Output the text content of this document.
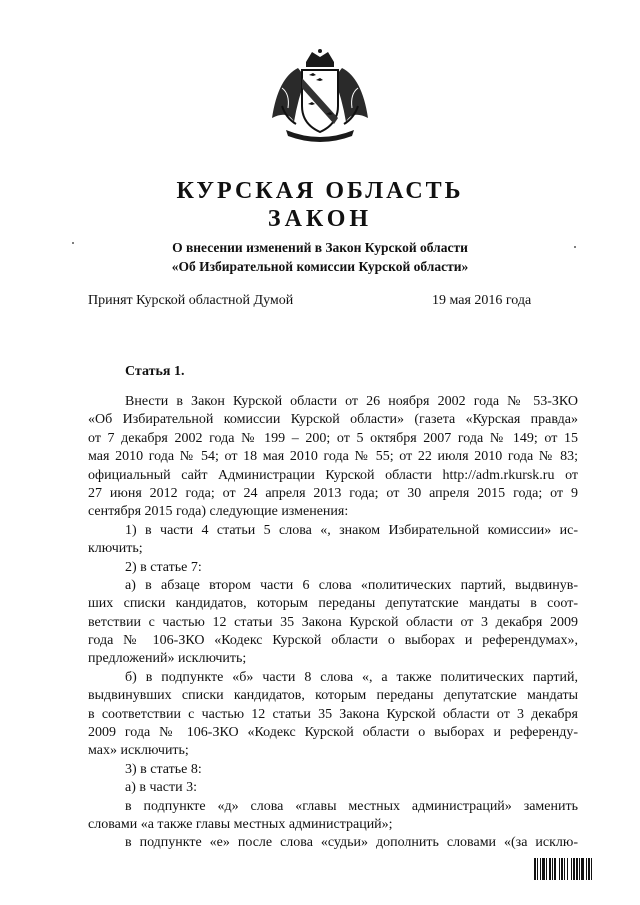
КУРСКАЯ ОБЛАСТЬ
ЗАКОН
О внесении изменений в Закон Курской области
«Об Избирательной комиссии Курской области»
Принят Курской областной Думой	19 мая 2016 года
Статья 1.
Внести в Закон Курской области от 26 ноября 2002 года № 53-ЗКО
«Об Избирательной комиссии Курской области» (газета «Курская правда»
от 7 декабря 2002 года № 199 – 200; от 5 октября 2007 года № 149; от 15
мая 2010 года № 54; от 18 мая 2010 года № 55; от 22 июля 2010 года № 83;
официальный сайт Администрации Курской области http://adm.rkursk.ru от
27 июня 2012 года; от 24 апреля 2013 года; от 30 апреля 2015 года; от 9
сентября 2015 года) следующие изменения:
1) в части 4 статьи 5 слова «, знаком Избирательной комиссии» ис-
ключить;
2) в статье 7:
а) в абзаце втором части 6 слова «политических партий, выдвинув-
ших списки кандидатов, которым переданы депутатские мандаты в соот-
ветствии с частью 12 статьи 35 Закона Курской области от 3 декабря 2009
года № 106-ЗКО «Кодекс Курской области о выборах и референдумах»,
предложений» исключить;
б) в подпункте «б» части 8 слова «, а также политических партий,
выдвинувших списки кандидатов, которым переданы депутатские мандаты
в соответствии с частью 12 статьи 35 Закона Курской области от 3 декабря
2009 года № 106-ЗКО «Кодекс Курской области о выборах и референду-
мах» исключить;
3) в статье 8:
а) в части 3:
в подпункте «д» слова «главы местных администраций» заменить
словами «а также главы местных администраций»;
в подпункте «е» после слова «судьи» дополнить словами «(за исклю-
